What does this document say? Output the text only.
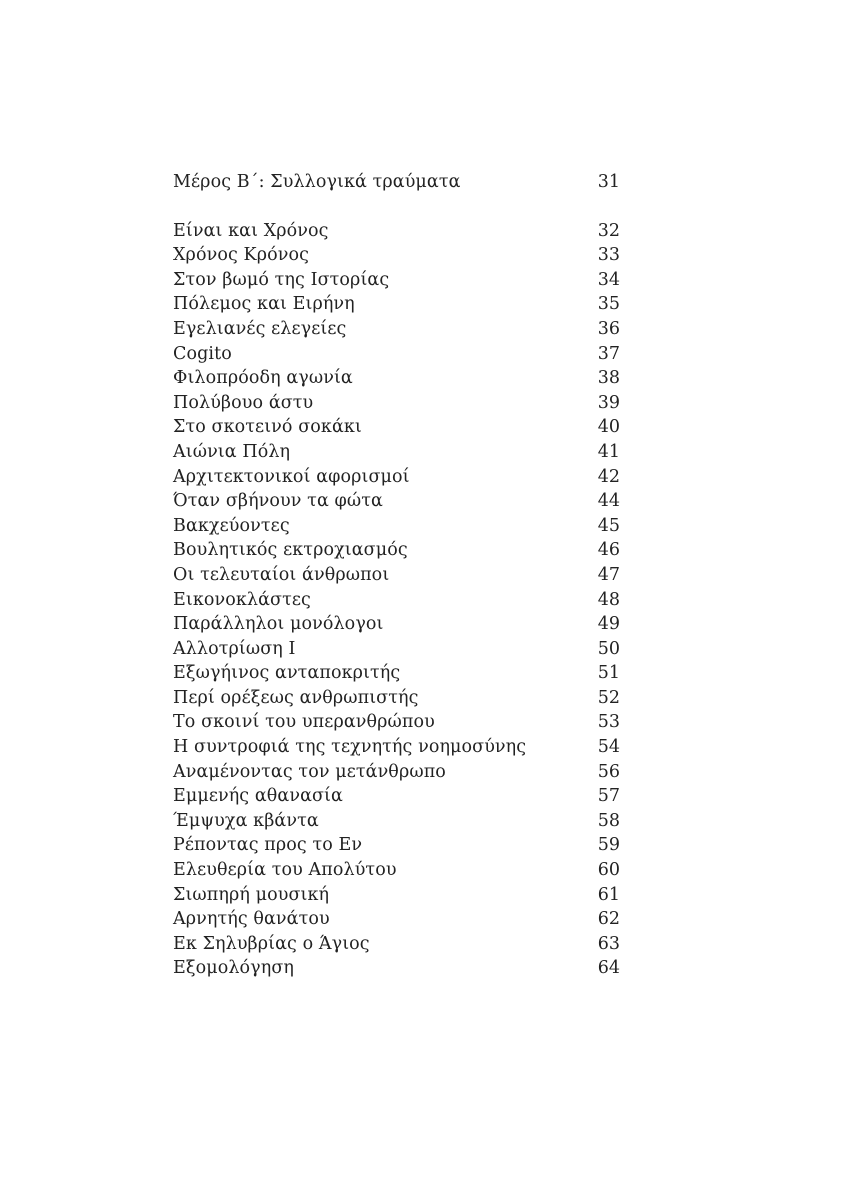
Μέρος Β΄: Συλλογικά τραύματα	31
Είναι και Χρόνος	32
Χρόνος Κρόνος	33
Στον βωμό της Ιστορίας	34
Πόλεμος και Ειρήνη	35
Εγελιανές ελεγείες	36
Cogito	37
Φιλοπρόοδη αγωνία	38
Πολύβουο άστυ	39
Στο σκοτεινό σοκάκι	40
Αιώνια Πόλη	41
Αρχιτεκτονικοί αφορισμοί	42
Όταν σβήνουν τα φώτα	44
Βακχεύοντες	45
Βουλητικός εκτροχιασμός	46
Οι τελευταίοι άνθρωποι	47
Εικονοκλάστες	48
Παράλληλοι μονόλογοι	49
Αλλοτρίωση Ι	50
Εξωγήινος ανταποκριτής	51
Περί ορέξεως ανθρωπιστής	52
Το σκοινί του υπερανθρώπου	53
Η συντροφιά της τεχνητής νοημοσύνης	54
Αναμένοντας τον μετάνθρωπο	56
Εμμενής αθανασία	57
Έμψυχα κβάντα	58
Ρέποντας προς το Εν	59
Ελευθερία του Απολύτου	60
Σιωπηρή μουσική	61
Αρνητής θανάτου	62
Εκ Σηλυβρίας ο Άγιος	63
Εξομολόγηση	64
